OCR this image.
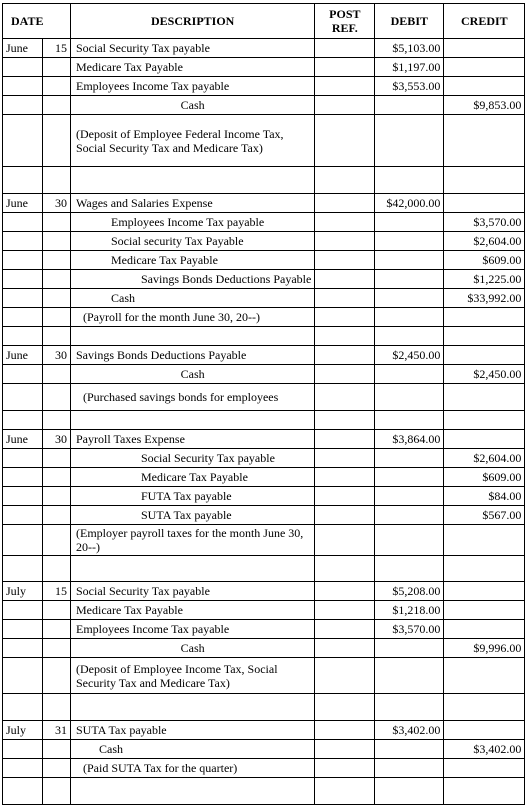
DATE		DESCRIPTION	POST
REF.	DEBIT	CREDIT
June	15	Social Security Tax payable		$5,103.00	
		Medicare Tax Payable		$1,197.00	
		Employees Income Tax payable		$3,553.00	
		Cash			$9,853.00
		(Deposit of Employee Federal Income Tax, Social Security Tax and Medicare Tax)			

June	30	Wages and Salaries Expense		$42,000.00	
		Employees Income Tax payable			$3,570.00
		Social security Tax Payable			$2,604.00
		Medicare Tax Payable			$609.00
		Savings Bonds Deductions Payable			$1,225.00
		Cash			$33,992.00
		(Payroll for the month June 30, 20--)			

June	30	Savings Bonds Deductions Payable		$2,450.00	
		Cash			$2,450.00
		(Purchased savings bonds for employees			

June	30	Payroll Taxes Expense		$3,864.00	
		Social Security Tax payable			$2,604.00
		Medicare Tax Payable			$609.00
		FUTA Tax payable			$84.00
		SUTA Tax payable			$567.00
		(Employer payroll taxes for the month June 30, 20--)			

July	15	Social Security Tax payable		$5,208.00	
		Medicare Tax Payable		$1,218.00	
		Employees Income Tax payable		$3,570.00	
		Cash			$9,996.00
		(Deposit of Employee Income Tax, Social Security Tax and Medicare Tax)			

July	31	SUTA Tax payable		$3,402.00	
		Cash			$3,402.00
		(Paid SUTA Tax for the quarter)			
